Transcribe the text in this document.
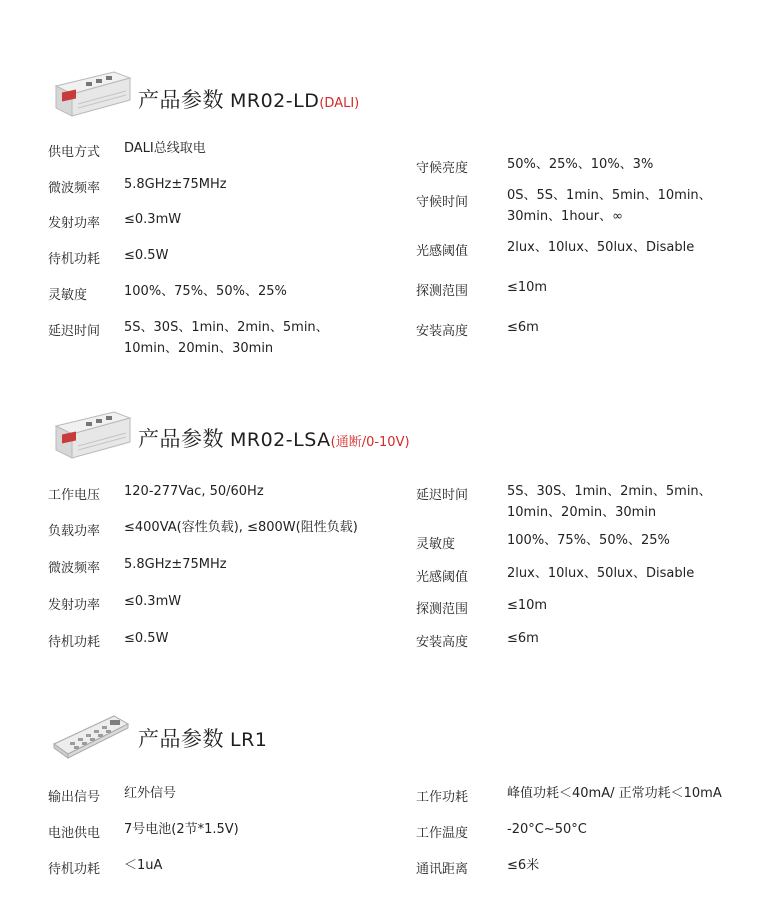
产品参数 MR02-LD(DALI)
供电方式 DALI总线取电
微波频率 5.8GHz±75MHz
发射功率 ≤0.3mW
待机功耗 ≤0.5W
灵敏度	100%、75%、50%、25%
延迟时间 5S、30S、1min、2min、5min、
10min、20min、30min
守候亮度	50%、25%、10%、3%
守候时间	0S、5S、1min、5min、10min、
30min、1hour、∞
光感阈值	2lux、10lux、50lux、Disable
探测范围	≤10m
安装高度	≤6m
产品参数 MR02-LSA(通断/0-10V)
工作电压 120-277Vac, 50/60Hz
负载功率 ≤400VA(容性负载), ≤800W(阻性负载)
微波频率 5.8GHz±75MHz
发射功率 ≤0.3mW
待机功耗 ≤0.5W
延迟时间	5S、30S、1min、2min、5min、
10min、20min、30min
灵敏度	100%、75%、50%、25%
光感阈值	2lux、10lux、50lux、Disable
探测范围	≤10m
安装高度	≤6m
产品参数 LR1
输出信号 红外信号
电池供电 7号电池(2节*1.5V)
待机功耗 ＜1uA
工作功耗	峰值功耗＜40mA/ 正常功耗＜10mA
工作温度	-20°C~50°C
通讯距离	≤6米
